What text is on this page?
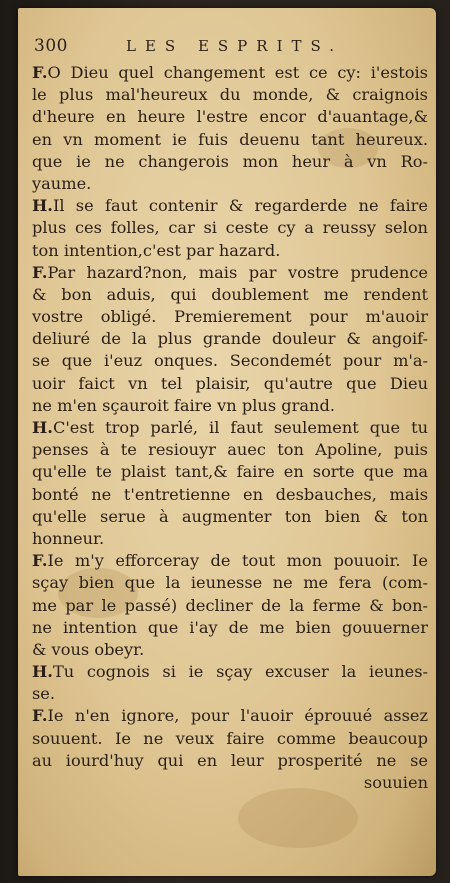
300	LES ESPRITS.
F.O Dieu quel changement est ce cy: i'estois
le plus mal'heureux du monde, & craignois
d'heure en heure l'estre encor d'auantage,&
en vn moment ie fuis deuenu tant heureux.
que ie ne changerois mon heur à vn Ro-
yaume.
H.Il se faut contenir & regarderde ne faire
plus ces folles, car si ceste cy a reussy selon
ton intention,c'est par hazard.
F.Par hazard?non, mais par vostre prudence
& bon aduis, qui doublement me rendent
vostre obligé. Premierement pour m'auoir
deliuré de la plus grande douleur & angoif-
se que i'euz onques. Secondemét pour m'a-
uoir faict vn tel plaisir, qu'autre que Dieu
ne m'en sçauroit faire vn plus grand.
H.C'est trop parlé, il faut seulement que tu
penses à te resiouyr auec ton Apoline, puis
qu'elle te plaist tant,& faire en sorte que ma
bonté ne t'entretienne en desbauches, mais
qu'elle serue à augmenter ton bien & ton
honneur.
F.Ie m'y efforceray de tout mon pouuoir. Ie
sçay bien que la ieunesse ne me fera (com-
me par le passé) decliner de la ferme & bon-
ne intention que i'ay de me bien gouuerner
& vous obeyr.
H.Tu cognois si ie sçay excuser la ieunes-
se.
F.Ie n'en ignore, pour l'auoir éprouué assez
souuent. Ie ne veux faire comme beaucoup
au iourd'huy qui en leur prosperité ne se
souuien
